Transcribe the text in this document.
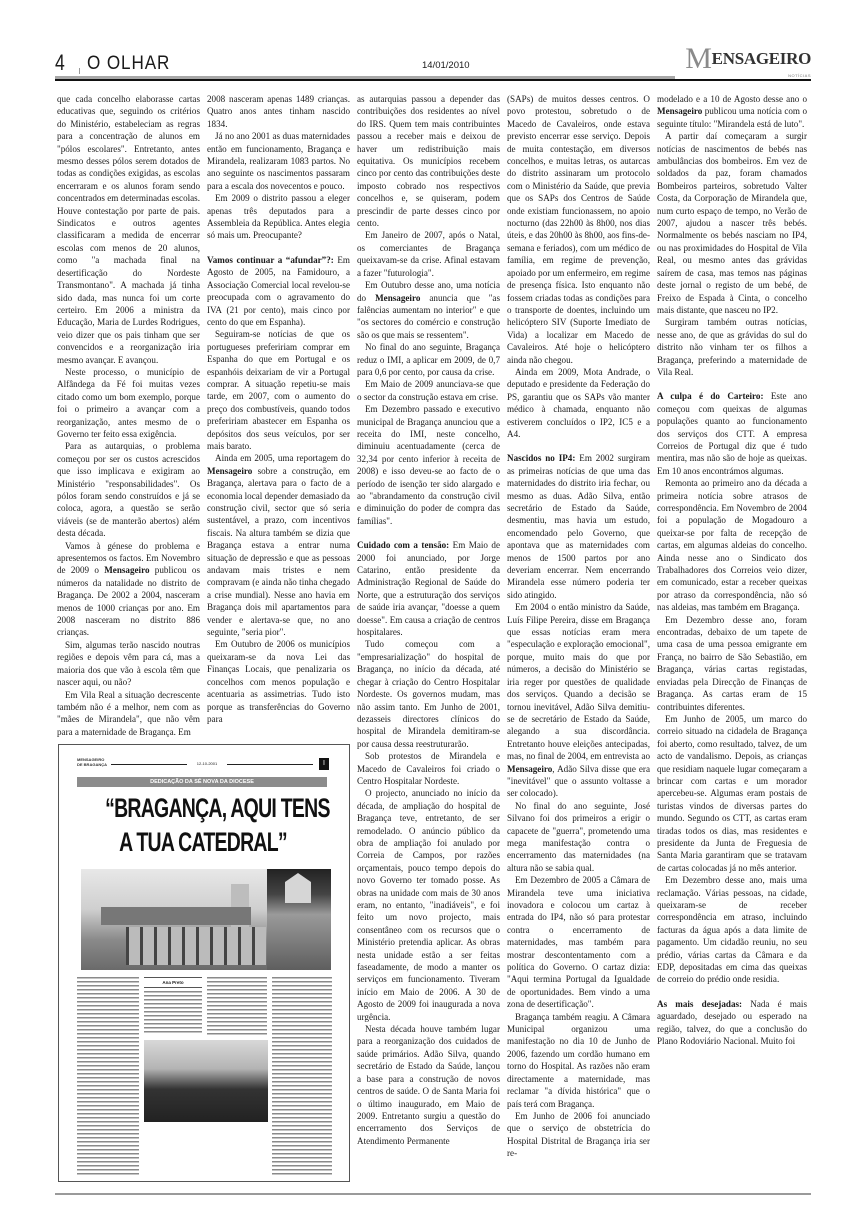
4 O OLHAR	14/01/2010	MENSAGEIRO
NOTÍCIAS

que cada concelho elaborasse cartas educativas que, seguindo os critérios do Ministério, estabeleciam as regras para a concentração de alunos em "pólos escolares". Entretanto, antes mesmo desses pólos serem dotados de todas as condições exigidas, as escolas encerraram e os alunos foram sendo concentrados em determinadas escolas. Houve contestação por parte de pais. Sindicatos e outros agentes classificaram a medida de encerrar escolas com menos de 20 alunos, como "a machada final na desertificação do Nordeste Transmontano". A machada já tinha sido dada, mas nunca foi um corte certeiro. Em 2006 a ministra da Educação, Maria de Lurdes Rodrigues, veio dizer que os pais tinham que ser convencidos e a reorganização iria mesmo avançar. E avançou.

Neste processo, o município de Alfândega da Fé foi muitas vezes citado como um bom exemplo, porque foi o primeiro a avançar com a reorganização, antes mesmo de o Governo ter feito essa exigência.

Para as autarquias, o problema começou por ser os custos acrescidos que isso implicava e exigiram ao Ministério "responsabilidades". Os pólos foram sendo construídos e já se coloca, agora, a questão se serão viáveis (se de manterão abertos) além desta década.

Vamos à génese do problema e apresentemos os factos. Em Novembro de 2009 o Mensageiro publicou os números da natalidade no distrito de Bragança. De 2002 a 2004, nasceram menos de 1000 crianças por ano. Em 2008 nasceram no distrito 886 crianças.

Sim, algumas terão nascido noutras regiões e depois vêm para cá, mas a maioria dos que vão à escola têm que nascer aqui, ou não?

Em Vila Real a situação decrescente também não é a melhor, nem com as "mães de Mirandela", que não vêm para a maternidade de Bragança. Em

2008 nasceram apenas 1489 crianças. Quatro anos antes tinham nascido 1834.

Já no ano 2001 as duas maternidades então em funcionamento, Bragança e Mirandela, realizaram 1083 partos. No ano seguinte os nascimentos passaram para a escala dos novecentos e pouco.

Em 2009 o distrito passou a eleger apenas três deputados para a Assembleia da República. Antes elegia só mais um. Preocupante?

Vamos continuar a “afundar”?: Em Agosto de 2005, na Famidouro, a Associação Comercial local revelou-se preocupada com o agravamento do IVA (21 por cento), mais cinco por cento do que em Espanha).

Seguiram-se notícias de que os portugueses prefeririam comprar em Espanha do que em Portugal e os espanhóis deixariam de vir a Portugal comprar. A situação repetiu-se mais tarde, em 2007, com o aumento do preço dos combustíveis, quando todos prefeririam abastecer em Espanha os depósitos dos seus veículos, por ser mais barato.

Ainda em 2005, uma reportagem do Mensageiro sobre a construção, em Bragança, alertava para o facto de a economia local depender demasiado da construção civil, sector que só seria sustentável, a prazo, com incentivos fiscais. Na altura também se dizia que Bragança estava a entrar numa situação de depressão e que as pessoas andavam mais tristes e nem compravam (e ainda não tinha chegado a crise mundial). Nesse ano havia em Bragança dois mil apartamentos para vender e alertava-se que, no ano seguinte, "seria pior".

Em Outubro de 2006 os municípios queixaram-se da nova Lei das Finanças Locais, que penalizaria os concelhos com menos população e acentuaria as assimetrias. Tudo isto porque as transferências do Governo para

as autarquias passou a depender das contribuições dos residentes ao nível do IRS. Quem tem mais contribuintes passou a receber mais e deixou de haver um redistribuição mais equitativa. Os municípios recebem cinco por cento das contribuições deste imposto cobrado nos respectivos concelhos e, se quiseram, podem prescindir de parte desses cinco por cento.

Em Janeiro de 2007, após o Natal, os comerciantes de Bragança queixavam-se da crise. Afinal estavam a fazer "futurologia".

Em Outubro desse ano, uma notícia do Mensageiro anuncia que "as falências aumentam no interior" e que "os sectores do comércio e construção são os que mais se ressentem".

No final do ano seguinte, Bragança reduz o IMI, a aplicar em 2009, de 0,7 para 0,6 por cento, por causa da crise.

Em Maio de 2009 anunciava-se que o sector da construção estava em crise.

Em Dezembro passado e executivo municipal de Bragança anunciou que a receita do IMI, neste concelho, diminuiu acentuadamente (cerca de 32,34 por cento inferior à receita de 2008) e isso deveu-se ao facto de o período de isenção ter sido alargado e ao "abrandamento da construção civil e diminuição do poder de compra das famílias".

Cuidado com a tensão: Em Maio de 2000 foi anunciado, por Jorge Catarino, então presidente da Administração Regional de Saúde do Norte, que a estruturação dos serviços de saúde iria avançar, "doesse a quem doesse". Em causa a criação de centros hospitalares.

Tudo começou com a "empresarialização" do hospital de Bragança, no início da década, até chegar à criação do Centro Hospitalar Nordeste. Os governos mudam, mas não assim tanto. Em Junho de 2001, dezasseis directores clínicos do hospital de Mirandela demitiram-se por causa dessa reestruturarão.

Sob protestos de Mirandela e Macedo de Cavaleiros foi criado o Centro Hospitalar Nordeste.

O projecto, anunciado no início da década, de ampliação do hospital de Bragança teve, entretanto, de ser remodelado. O anúncio público da obra de ampliação foi anulado por Correia de Campos, por razões orçamentais, pouco tempo depois do novo Governo ter tomado posse. As obras na unidade com mais de 30 anos eram, no entanto, "inadiáveis", e foi feito um novo projecto, mais consentâneo com os recursos que o Ministério pretendia aplicar. As obras nesta unidade estão a ser feitas faseadamente, de modo a manter os serviços em funcionamento. Tiveram início em Maio de 2006. A 30 de Agosto de 2009 foi inaugurada a nova urgência.

Nesta década houve também lugar para a reorganização dos cuidados de saúde primários. Adão Silva, quando secretário de Estado da Saúde, lançou a base para a construção de novos centros de saúde. O de Santa Maria foi o último inaugurado, em Maio de 2009. Entretanto surgiu a questão do encerramento dos Serviços de Atendimento Permanente

(SAPs) de muitos desses centros. O povo protestou, sobretudo o de Macedo de Cavaleiros, onde estava previsto encerrar esse serviço. Depois de muita contestação, em diversos concelhos, e muitas letras, os autarcas do distrito assinaram um protocolo com o Ministério da Saúde, que previa que os SAPs dos Centros de Saúde onde existiam funcionassem, no apoio nocturno (das 22h00 às 8h00, nos dias úteis, e das 20h00 às 8h00, aos fins-de-semana e feriados), com um médico de família, em regime de prevenção, apoiado por um enfermeiro, em regime de presença física. Isto enquanto não fossem criadas todas as condições para o transporte de doentes, incluindo um helicóptero SIV (Suporte Imediato de Vida) a localizar em Macedo de Cavaleiros. Até hoje o helicóptero ainda não chegou.

Ainda em 2009, Mota Andrade, o deputado e presidente da Federação do PS, garantiu que os SAPs vão manter médico à chamada, enquanto não estiverem concluídos o IP2, IC5 e a A4.

Nascidos no IP4: Em 2002 surgiram as primeiras notícias de que uma das maternidades do distrito iria fechar, ou mesmo as duas. Adão Silva, então secretário de Estado da Saúde, desmentiu, mas havia um estudo, encomendado pelo Governo, que apontava que as maternidades com menos de 1500 partos por ano deveriam encerrar. Nem encerrando Mirandela esse número poderia ter sido atingido.

Em 2004 o então ministro da Saúde, Luís Filipe Pereira, disse em Bragança que essas notícias eram mera "especulação e exploração emocional", porque, muito mais do que por números, a decisão do Ministério se iria reger por questões de qualidade dos serviços. Quando a decisão se tornou inevitável, Adão Silva demitiu-se de secretário de Estado da Saúde, alegando a sua discordância. Entretanto houve eleições antecipadas, mas, no final de 2004, em entrevista ao Mensageiro, Adão Silva disse que era "inevitável" que o assunto voltasse a ser colocado).

No final do ano seguinte, José Silvano foi dos primeiros a erigir o capacete de "guerra", prometendo uma mega manifestação contra o encerramento das maternidades (na altura não se sabia qual.

Em Dezembro de 2005 a Câmara de Mirandela teve uma iniciativa inovadora e colocou um cartaz à entrada do IP4, não só para protestar contra o encerramento de maternidades, mas também para mostrar descontentamento com a política do Governo. O cartaz dizia: "Aqui termina Portugal da Igualdade de oportunidades. Bem vindo a uma zona de desertificação".

Bragança também reagiu. A Câmara Municipal organizou uma manifestação no dia 10 de Junho de 2006, fazendo um cordão humano em torno do Hospital. As razões não eram directamente a maternidade, mas reclamar "a dívida histórica" que o país terá com Bragança.

Em Junho de 2006 foi anunciado que o serviço de obstetrícia do Hospital Distrital de Bragança iria ser re-

modelado e a 10 de Agosto desse ano o Mensageiro publicou uma notícia com o seguinte título: "Mirandela está de luto".

A partir daí começaram a surgir notícias de nascimentos de bebés nas ambulâncias dos bombeiros. Em vez de soldados da paz, foram chamados Bombeiros parteiros, sobretudo Valter Costa, da Corporação de Mirandela que, num curto espaço de tempo, no Verão de 2007, ajudou a nascer três bebés. Normalmente os bebés nasciam no IP4, ou nas proximidades do Hospital de Vila Real, ou mesmo antes das grávidas saírem de casa, mas temos nas páginas deste jornal o registo de um bebé, de Freixo de Espada à Cinta, o concelho mais distante, que nasceu no IP2.

Surgiram também outras notícias, nesse ano, de que as grávidas do sul do distrito não vinham ter os filhos a Bragança, preferindo a maternidade de Vila Real.

A culpa é do Carteiro: Este ano começou com queixas de algumas populações quanto ao funcionamento dos serviços dos CTT. A empresa Correios de Portugal diz que é tudo mentira, mas não são de hoje as queixas. Em 10 anos encontrámos algumas.

Remonta ao primeiro ano da década a primeira notícia sobre atrasos de correspondência. Em Novembro de 2004 foi a população de Mogadouro a queixar-se por falta de recepção de cartas, em algumas aldeias do concelho. Ainda nesse ano o Sindicato dos Trabalhadores dos Correios veio dizer, em comunicado, estar a receber queixas por atraso da correspondência, não só nas aldeias, mas também em Bragança.

Em Dezembro desse ano, foram encontradas, debaixo de um tapete de uma casa de uma pessoa emigrante em França, no bairro de São Sebastião, em Bragança, várias cartas registadas, enviadas pela Direcção de Finanças de Bragança. As cartas eram de 15 contribuintes diferentes.

Em Junho de 2005, um marco do correio situado na cidadela de Bragança foi aberto, como resultado, talvez, de um acto de vandalismo. Depois, as crianças que residiam naquele lugar começaram a brincar com cartas e um morador apercebeu-se. Algumas eram postais de turistas vindos de diversas partes do mundo. Segundo os CTT, as cartas eram tiradas todos os dias, mas residentes e presidente da Junta de Freguesia de Santa Maria garantiram que se tratavam de cartas colocadas já no mês anterior.

Em Dezembro desse ano, mais uma reclamação. Várias pessoas, na cidade, queixaram-se de receber correspondência em atraso, incluindo facturas da água após a data limite de pagamento. Um cidadão reuniu, no seu prédio, várias cartas da Câmara e da EDP, depositadas em cima das queixas de correio do prédio onde residia.

As mais desejadas: Nada é mais aguardado, desejado ou esperado na região, talvez, do que a conclusão do Plano Rodoviário Nacional. Muito foi

MENSAGEIRO DE BRAGANÇA	12-10-2001	I
DEDICAÇÃO DA SÉ NOVA DA DIOCESE
“BRAGANÇA, AQUI TENS
A TUA CATEDRAL”
Ana Preto
